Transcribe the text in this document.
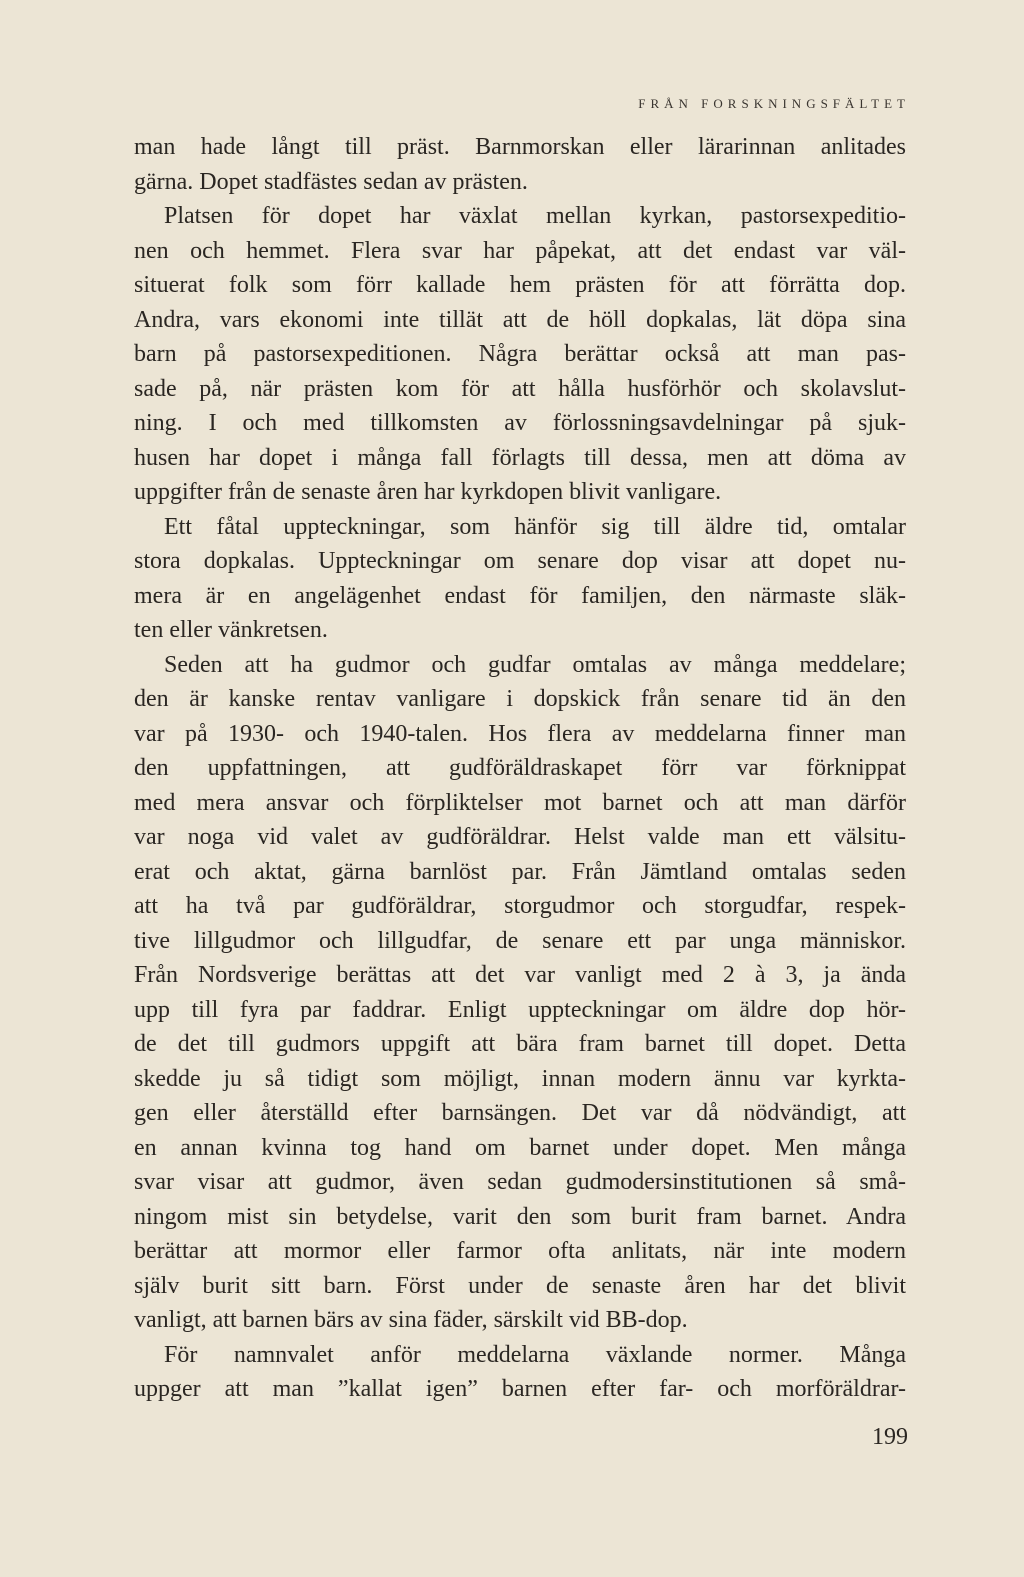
FRÅN FORSKNINGSFÄLTET
man hade långt till präst. Barnmorskan eller lärarinnan anlitades
gärna. Dopet stadfästes sedan av prästen.
Platsen för dopet har växlat mellan kyrkan, pastorsexpeditio-
nen och hemmet. Flera svar har påpekat, att det endast var väl-
situerat folk som förr kallade hem prästen för att förrätta dop.
Andra, vars ekonomi inte tillät att de höll dopkalas, lät döpa sina
barn på pastorsexpeditionen. Några berättar också att man pas-
sade på, när prästen kom för att hålla husförhör och skolavslut-
ning. I och med tillkomsten av förlossningsavdelningar på sjuk-
husen har dopet i många fall förlagts till dessa, men att döma av
uppgifter från de senaste åren har kyrkdopen blivit vanligare.
Ett fåtal uppteckningar, som hänför sig till äldre tid, omtalar
stora dopkalas. Uppteckningar om senare dop visar att dopet nu-
mera är en angelägenhet endast för familjen, den närmaste släk-
ten eller vänkretsen.
Seden att ha gudmor och gudfar omtalas av många meddelare;
den är kanske rentav vanligare i dopskick från senare tid än den
var på 1930- och 1940-talen. Hos flera av meddelarna finner man
den uppfattningen, att gudföräldraskapet förr var förknippat
med mera ansvar och förpliktelser mot barnet och att man därför
var noga vid valet av gudföräldrar. Helst valde man ett välsitu-
erat och aktat, gärna barnlöst par. Från Jämtland omtalas seden
att ha två par gudföräldrar, storgudmor och storgudfar, respek-
tive lillgudmor och lillgudfar, de senare ett par unga människor.
Från Nordsverige berättas att det var vanligt med 2 à 3, ja ända
upp till fyra par faddrar. Enligt uppteckningar om äldre dop hör-
de det till gudmors uppgift att bära fram barnet till dopet. Detta
skedde ju så tidigt som möjligt, innan modern ännu var kyrkta-
gen eller återställd efter barnsängen. Det var då nödvändigt, att
en annan kvinna tog hand om barnet under dopet. Men många
svar visar att gudmor, även sedan gudmodersinstitutionen så små-
ningom mist sin betydelse, varit den som burit fram barnet. Andra
berättar att mormor eller farmor ofta anlitats, när inte modern
själv burit sitt barn. Först under de senaste åren har det blivit
vanligt, att barnen bärs av sina fäder, särskilt vid BB-dop.
För namnvalet anför meddelarna växlande normer. Många
uppger att man ”kallat igen” barnen efter far- och morföräldrar-
199
